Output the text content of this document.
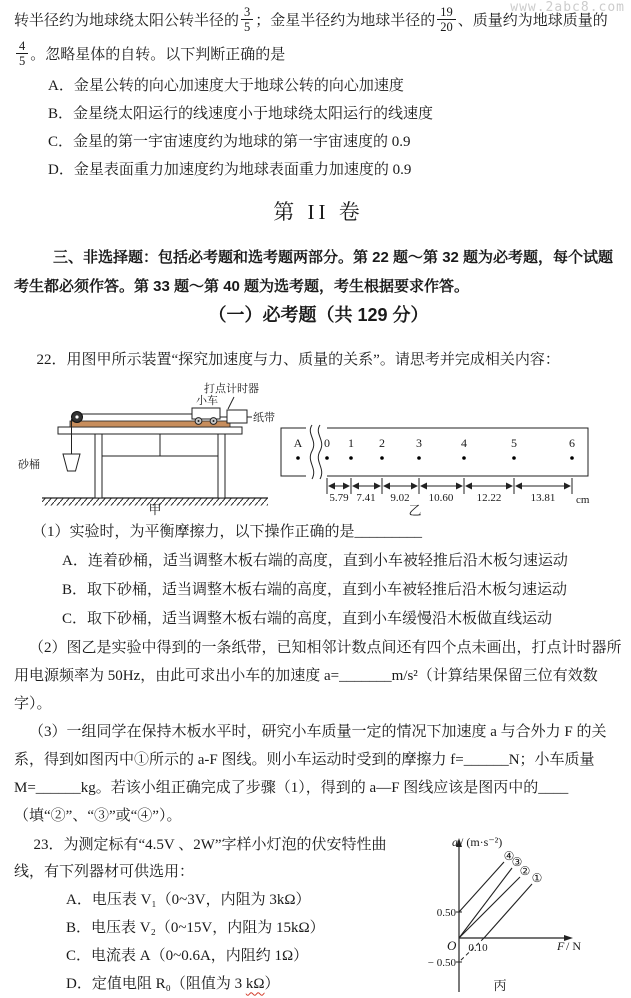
www.2abc8.com
转半径约为地球绕太阳公转半径的 $\frac{3}{5}$ ；金星半径约为地球半径的 $\frac{19}{20}$ 、质量约为地球质量的
$\frac{4}{5}$ 。忽略星体的自转。以下判断正确的是

A．金星公转的向心加速度大于地球公转的向心加速度

B．金星绕太阳运行的线速度小于地球绕太阳运行的线速度

C．金星的第一宇宙速度约为地球的第一宇宙速度的 0.9

D．金星表面重力加速度约为地球表面重力加速度的 0.9

第 II 卷

三、非选择题：包括必考题和选考题两部分。第 22 题～第 32 题为必考题，每个试题考生都必须作答。第 33 题～第 40 题为选考题，考生根据要求作答。

（一）必考题（共 129 分）

22．用图甲所示装置“探究加速度与力、质量的关系”。请思考并完成相关内容：

小车
打点计时器
纸带
砂桶
甲
A 0 1 2	3	4	5	6
5.79 7.41 9.02 10.60 12.22	13.81 cm
乙

（1）实验时，为平衡摩擦力，以下操作正确的是_________

A．连着砂桶，适当调整木板右端的高度，直到小车被轻推后沿木板匀速运动

B．取下砂桶，适当调整木板右端的高度，直到小车被轻推后沿木板匀速运动

C．取下砂桶，适当调整木板右端的高度，直到小车缓慢沿木板做直线运动

（2）图乙是实验中得到的一条纸带，已知相邻计数点间还有四个点未画出，打点计时器所用电源频率为 50Hz，由此可求出小车的加速度 a=_______m/s²（计算结果保留三位有效数字）。

（3）一组同学在保持木板水平时，研究小车质量一定的情况下加速度 a 与合外力 F 的关系，得到如图丙中①所示的 a-F 图线。则小车运动时受到的摩擦力 f=______N；小车质量 M=______kg。若该小组正确完成了步骤（1），得到的 a—F 图线应该是图丙中的____（填“②”、“③”或“④”）。

23．为测定标有“4.5V 、2W”字样小灯泡的伏安特性曲线，有下列器材可供选用：

A．电压表 V₁（0~3V，内阻为 3kΩ）

B．电压表 V₂（0~15V，内阻为 15kΩ）

C．电流表 A（0~0.6A，内阻约 1Ω）

D．定值电阻 R₀（阻值为 3 kΩ）

a / (m·s⁻²)
F / N
O
0.50
− 0.50
0.10
④
③
② ①
丙
